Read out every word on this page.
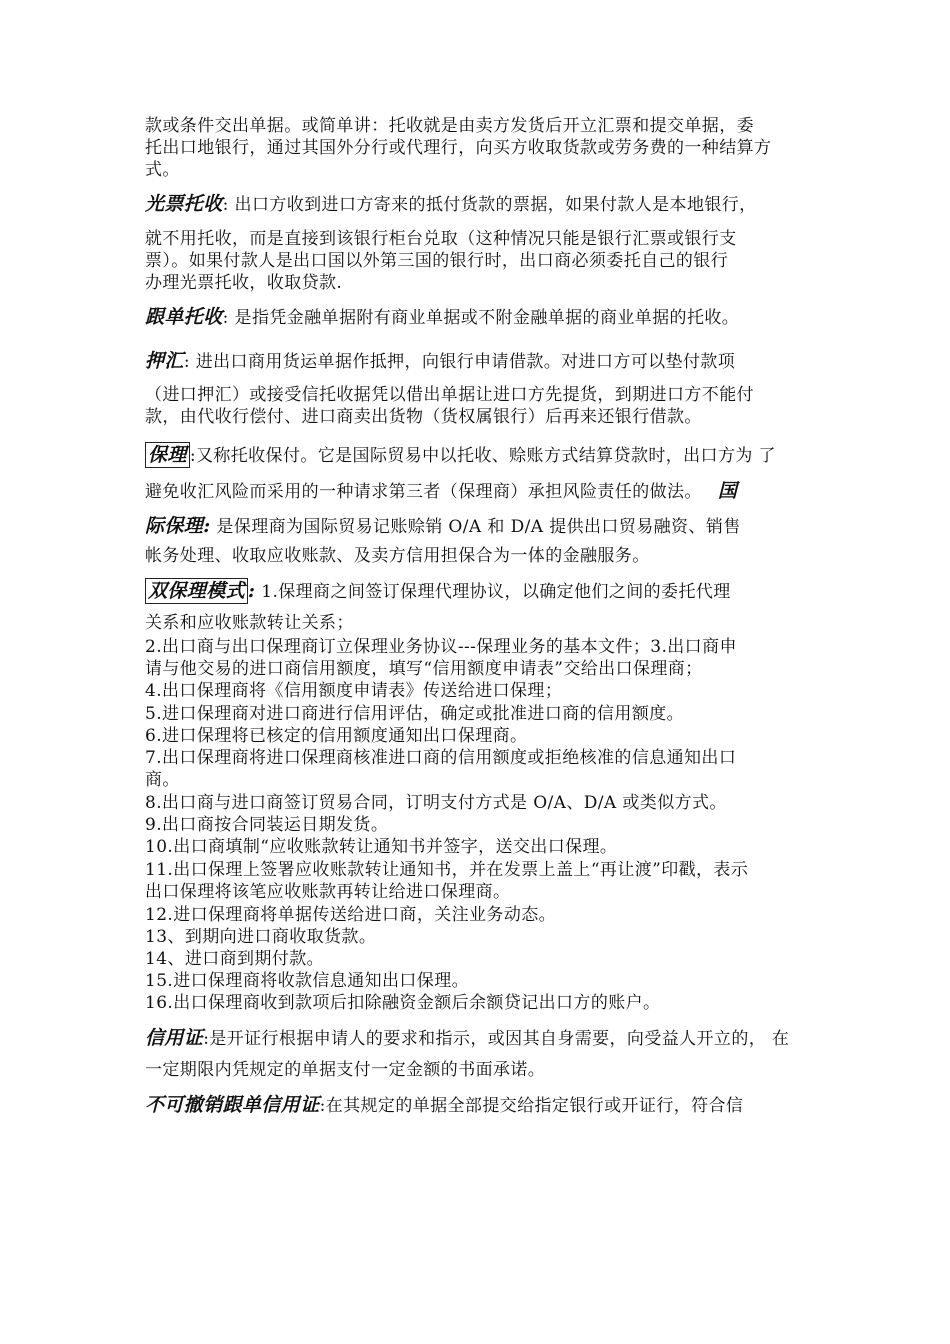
款或条件交出单据。或简单讲：托收就是由卖方发货后开立汇票和提交单据，委
托出口地银行，通过其国外分行或代理行，向买方收取货款或劳务费的一种结算方
式。
光票托收: 出口方收到进口方寄来的抵付货款的票据，如果付款人是本地银行，
就不用托收，而是直接到该银行柜台兑取（这种情况只能是银行汇票或银行支
票）。如果付款人是出口国以外第三国的银行时，出口商必须委托自己的银行
办理光票托收，收取贷款.
跟单托收: 是指凭金融单据附有商业单据或不附金融单据的商业单据的托收。
押汇: 进出口商用货运单据作抵押，向银行申请借款。对进口方可以垫付款项
（进口押汇）或接受信托收据凭以借出单据让进口方先提货，到期进口方不能付
款，由代收行偿付、进口商卖出货物（货权属银行）后再来还银行借款。
保理 :又称托收保付。它是国际贸易中以托收、赊账方式结算贷款时，出口方为 了
避免收汇风险而采用的一种请求第三者（保理商）承担风险责任的做法。 国
际保理: 是保理商为国际贸易记账赊销 O/A 和 D/A 提供出口贸易融资、销售
帐务处理、收取应收账款、及卖方信用担保合为一体的金融服务。
双保理模式 : 1.保理商之间签订保理代理协议，以确定他们之间的委托代理
关系和应收账款转让关系；
2.出口商与出口保理商订立保理业务协议---保理业务的基本文件；3.出口商申
请与他交易的进口商信用额度，填写“信用额度申请表”交给出口保理商；
4.出口保理商将《信用额度申请表》传送给进口保理；
5.进口保理商对进口商进行信用评估，确定或批准进口商的信用额度。
6.进口保理将已核定的信用额度通知出口保理商。
7.出口保理商将进口保理商核准进口商的信用额度或拒绝核准的信息通知出口
商。
8.出口商与进口商签订贸易合同，订明支付方式是 O/A、D/A 或类似方式。
9.出口商按合同装运日期发货。
10.出口商填制“应收账款转让通知书并签字，送交出口保理。
11.出口保理上签署应收账款转让通知书，并在发票上盖上“再让渡”印戳，表示
出口保理将该笔应收账款再转让给进口保理商。
12.进口保理商将单据传送给进口商，关注业务动态。
13、到期向进口商收取货款。
14、进口商到期付款。
15.进口保理商将收款信息通知出口保理。
16.出口保理商收到款项后扣除融资金额后余额贷记出口方的账户。
信用证:是开证行根据申请人的要求和指示，或因其自身需要，向受益人开立的， 在
一定期限内凭规定的单据支付一定金额的书面承诺。
不可撤销跟单信用证:在其规定的单据全部提交给指定银行或开证行，符合信
